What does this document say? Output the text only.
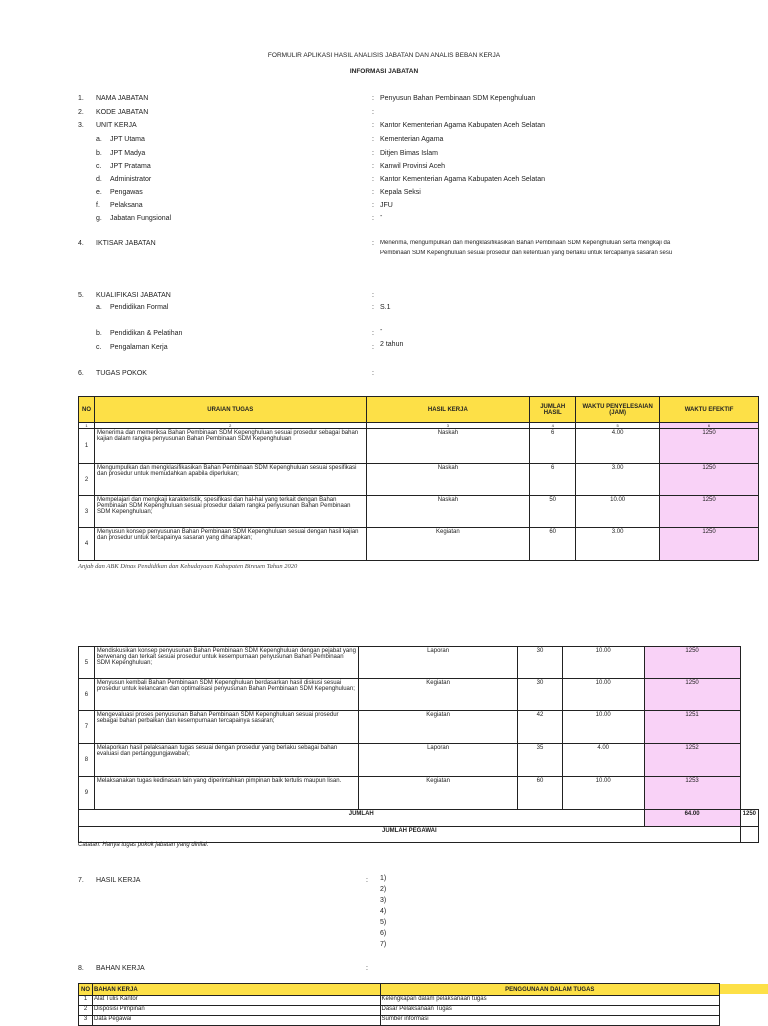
FORMULIR APLIKASI HASIL ANALISIS JABATAN DAN ANALIS BEBAN KERJA
INFORMASI JABATAN
1. NAMA JABATAN	: Penyusun Bahan Pembinaan SDM Kepenghuluan
2. KODE JABATAN	:
3. UNIT KERJA	: Kantor Kementerian Agama Kabupaten Aceh Selatan
a. JPT Utama	: Kementerian Agama
b. JPT Madya	: Ditjen Bimas Islam
c. JPT Pratama	: Kanwil Provinsi Aceh
d. Administrator	: Kantor Kementerian Agama Kabupaten Aceh Selatan
e. Pengawas	: Kepala Seksi
f. Pelaksana	: JFU
g. Jabatan Fungsional	: -
4. IKTISAR JABATAN	: Menerima, mengumpulkan dan mengklasifikasikan Bahan Pembinaan SDM Kepenghuluan serta mengkaji da
Pembinaan SDM Kepenghuluan sesuai prosedur dan ketentuan yang berlaku untuk tercapainya sasaran sesu
5. KUALIFIKASI JABATAN	:
a. Pendidikan Formal	: S.1
b. Pendidikan & Pelatihan	: -
c. Pengalaman Kerja	: 2 tahun
6. TUGAS POKOK	:
NO	URAIAN TUGAS	HASIL KERJA	JUMLAH HASIL	WAKTU PENYELESAIAN (JAM)	WAKTU EFEKTIF
1	2	3	4	5	6
1	Menerima dan memeriksa Bahan Pembinaan SDM Kepenghuluan sesuai prosedur sebagai bahan kajian dalam rangka penyusunan Bahan Pembinaan SDM Kepenghuluan	Naskah	6	4.00	1250
2	Mengumpulkan dan mengklasifikasikan Bahan Pembinaan SDM Kepenghuluan sesuai spesifikasi dan prosedur untuk memudahkan apabila diperlukan;	Naskah	6	3.00	1250
3	Mempelajari dan mengkaji karakteristik, spesifikasi dan hal-hal yang terkait dengan Bahan Pembinaan SDM Kepenghuluan sesuai prosedur dalam rangka penyusunan Bahan Pembinaan SDM Kepenghuluan;	Naskah	50	10.00	1250
4	Menyusun konsep penyusunan Bahan Pembinaan SDM Kepenghuluan sesuai dengan hasil kajian dan prosedur untuk tercapainya sasaran yang diharapkan;	Kegiatan	60	3.00	1250
Anjab dan ABK Dinas Pendidikan dan Kebudayaan Kabupaten Bireuen Tahun 2020
5	Mendiskusikan konsep penyusunan Bahan Pembinaan SDM Kepenghuluan dengan pejabat yang berwenang dan terkait sesuai prosedur untuk kesempurnaan penyusunan Bahan Pembinaan SDM Kepenghuluan;	Laporan	30	10.00	1250	
6	Menyusun kembali Bahan Pembinaan SDM Kepenghuluan berdasarkan hasil diskusi sesuai prosedur untuk kelancaran dan optimalisasi penyusunan Bahan Pembinaan SDM Kepenghuluan;	Kegiatan	30	10.00	1250	
7	Mengevaluasi proses penyusunan Bahan Pembinaan SDM Kepenghuluan sesuai prosedur sebagai bahan perbaikan dan kesempurnaan tercapainya sasaran;	Kegiatan	42	10.00	1251	
8	Melaporkan hasil pelaksanaan tugas sesuai dengan prosedur yang berlaku sebagai bahan evaluasi dan pertanggungjawaban;	Laporan	35	4.00	1252	
9	Melaksanakan tugas kedinasan lain yang diperintahkan pimpinan baik tertulis maupun lisan.	Kegiatan	60	10.00	1253	
JUMLAH					64.00	1250
JUMLAH PEGAWAI						
Catatan: Hanya tugas pokok jabatan yang dinilai.
7. HASIL KERJA	: 1)
2)
3)
4)
5)
6)
7)
8. BAHAN KERJA	:
NO	BAHAN KERJA	PENGGUNAAN DALAM TUGAS
1	Alat Tulis Kantor	Kelengkapan dalam pelaksanaan tugas
2	Disposisi Pimpinan	Dasar Pelaksanaan Tugas
3	Data Pegawai	Sumber informasi
